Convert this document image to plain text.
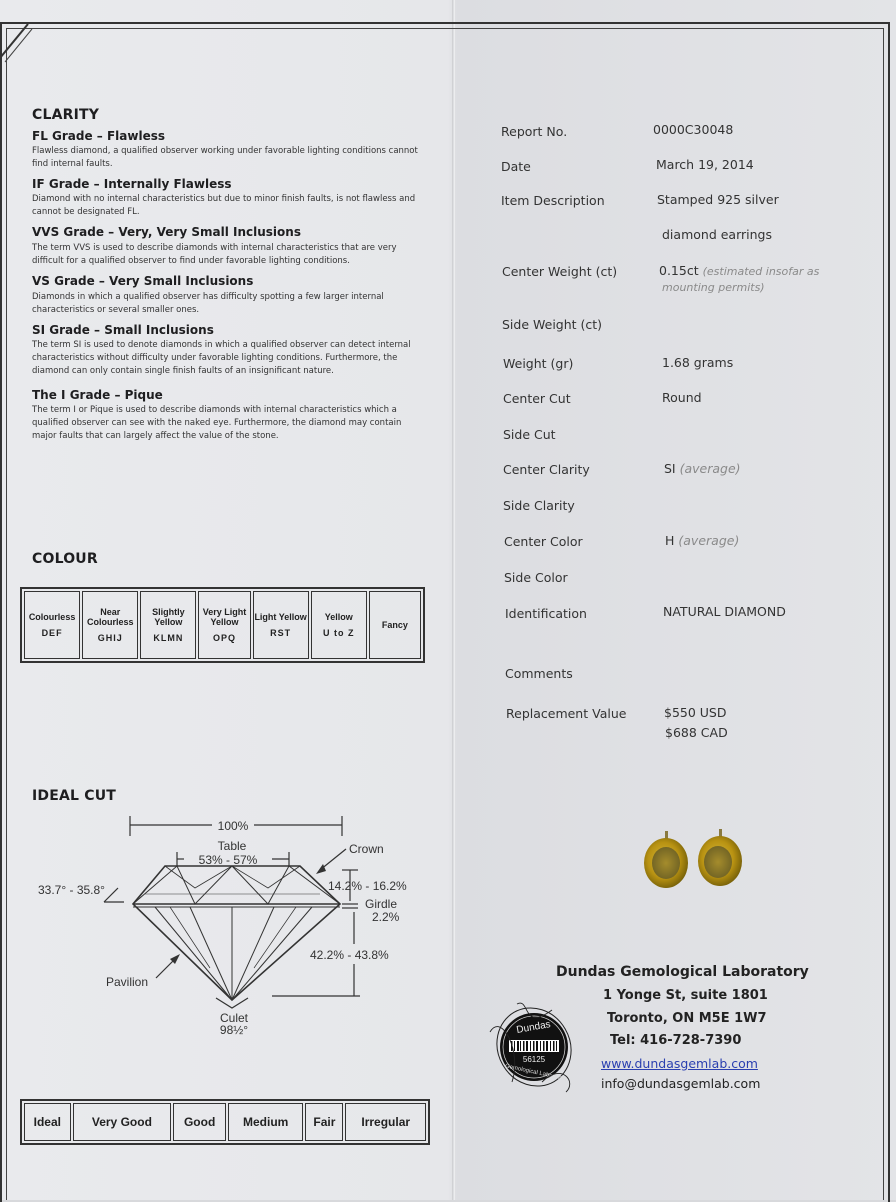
CLARITY
FL Grade – Flawless
Flawless diamond, a qualified observer working under favorable lighting conditions cannot find internal faults.
IF Grade – Internally Flawless
Diamond with no internal characteristics but due to minor finish faults, is not flawless and cannot be designated FL.
VVS Grade – Very, Very Small Inclusions
The term VVS is used to describe diamonds with internal characteristics that are very difficult for a qualified observer to find under favorable lighting conditions.
VS Grade – Very Small Inclusions
Diamonds in which a qualified observer has difficulty spotting a few larger internal characteristics or several smaller ones.
SI Grade – Small Inclusions
The term SI is used to denote diamonds in which a qualified observer can detect internal characteristics without difficulty under favorable lighting conditions. Furthermore, the diamond can only contain single finish faults of an insignificant nature.
The I Grade – Pique
The term I or Pique is used to describe diamonds with internal characteristics which a qualified observer can see with the naked eye. Furthermore, the diamond may contain major faults that can largely affect the value of the stone.
COLOUR
Colourless
DEF
	Near Colourless
GHIJ
	Slightly Yellow
KLMN
	Very Light Yellow
OPQ
	Light Yellow
RST
	Yellow
U to Z
	Fancy
IDEAL CUT
100%
Table
53% - 57%
Crown
33.7° - 35.8°	14.2% - 16.2%
Girdle
2.2%
42.2% - 43.8%
Pavilion
Culet
98½°
Ideal	Very Good	Good	Medium	Fair	Irregular
Report No.	0000C30048
Date	March 19, 2014
Item Description	Stamped 925 silver
diamond earrings
Center Weight (ct)	0.15ct (estimated insofar as
mounting permits)
Side Weight (ct)
Weight (gr)	1.68 grams
Center Cut	Round
Side Cut
Center Clarity	SI (average)
Side Clarity
Center Color	H (average)
Side Color
Identification	NATURAL DIAMOND
Comments
Replacement Value	$550 USD
$688 CAD
Dundas Gemological Laboratory
1 Yonge St, suite 1801
Toronto, ON M5E 1W7
Tel: 416-728-7390
www.dundasgemlab.com
info@dundasgemlab.com
Dundas
56125
Gemological Laboratory
